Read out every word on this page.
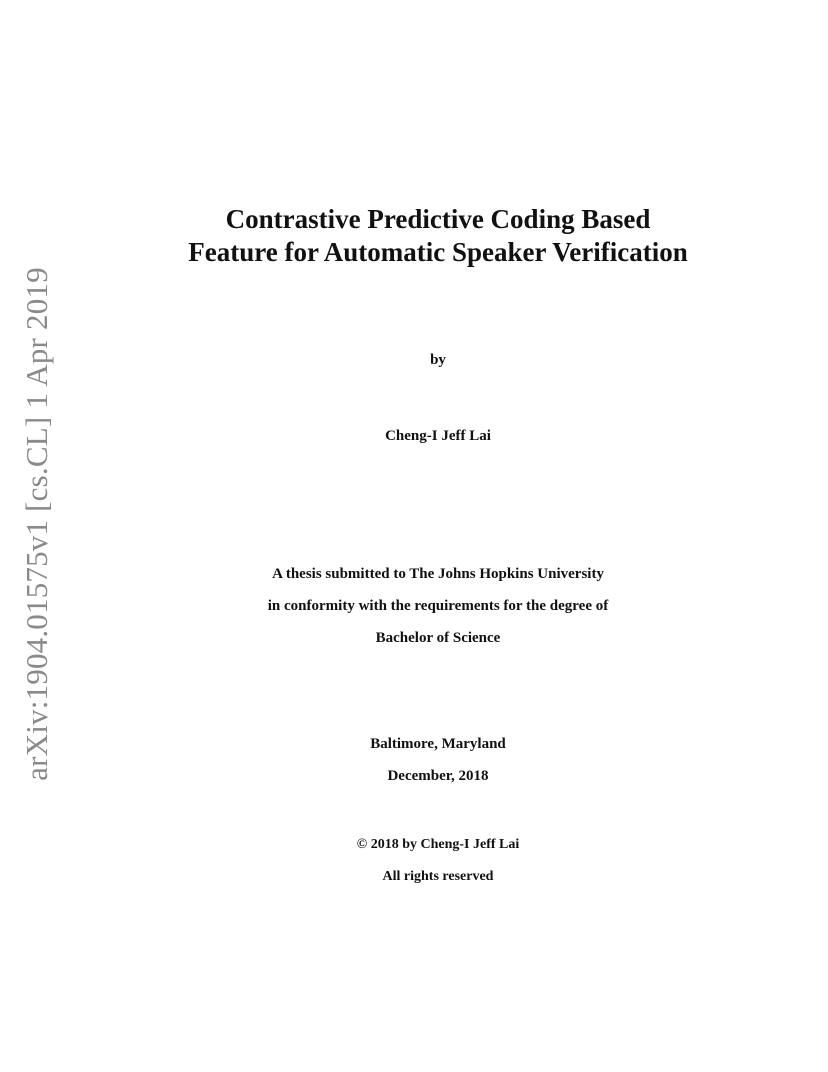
arXiv:1904.01575v1 [cs.CL] 1 Apr 2019
Contrastive Predictive Coding Based
Feature for Automatic Speaker Verification
by
Cheng-I Jeff Lai
A thesis submitted to The Johns Hopkins University
in conformity with the requirements for the degree of
Bachelor of Science
Baltimore, Maryland
December, 2018
© 2018 by Cheng-I Jeff Lai
All rights reserved
